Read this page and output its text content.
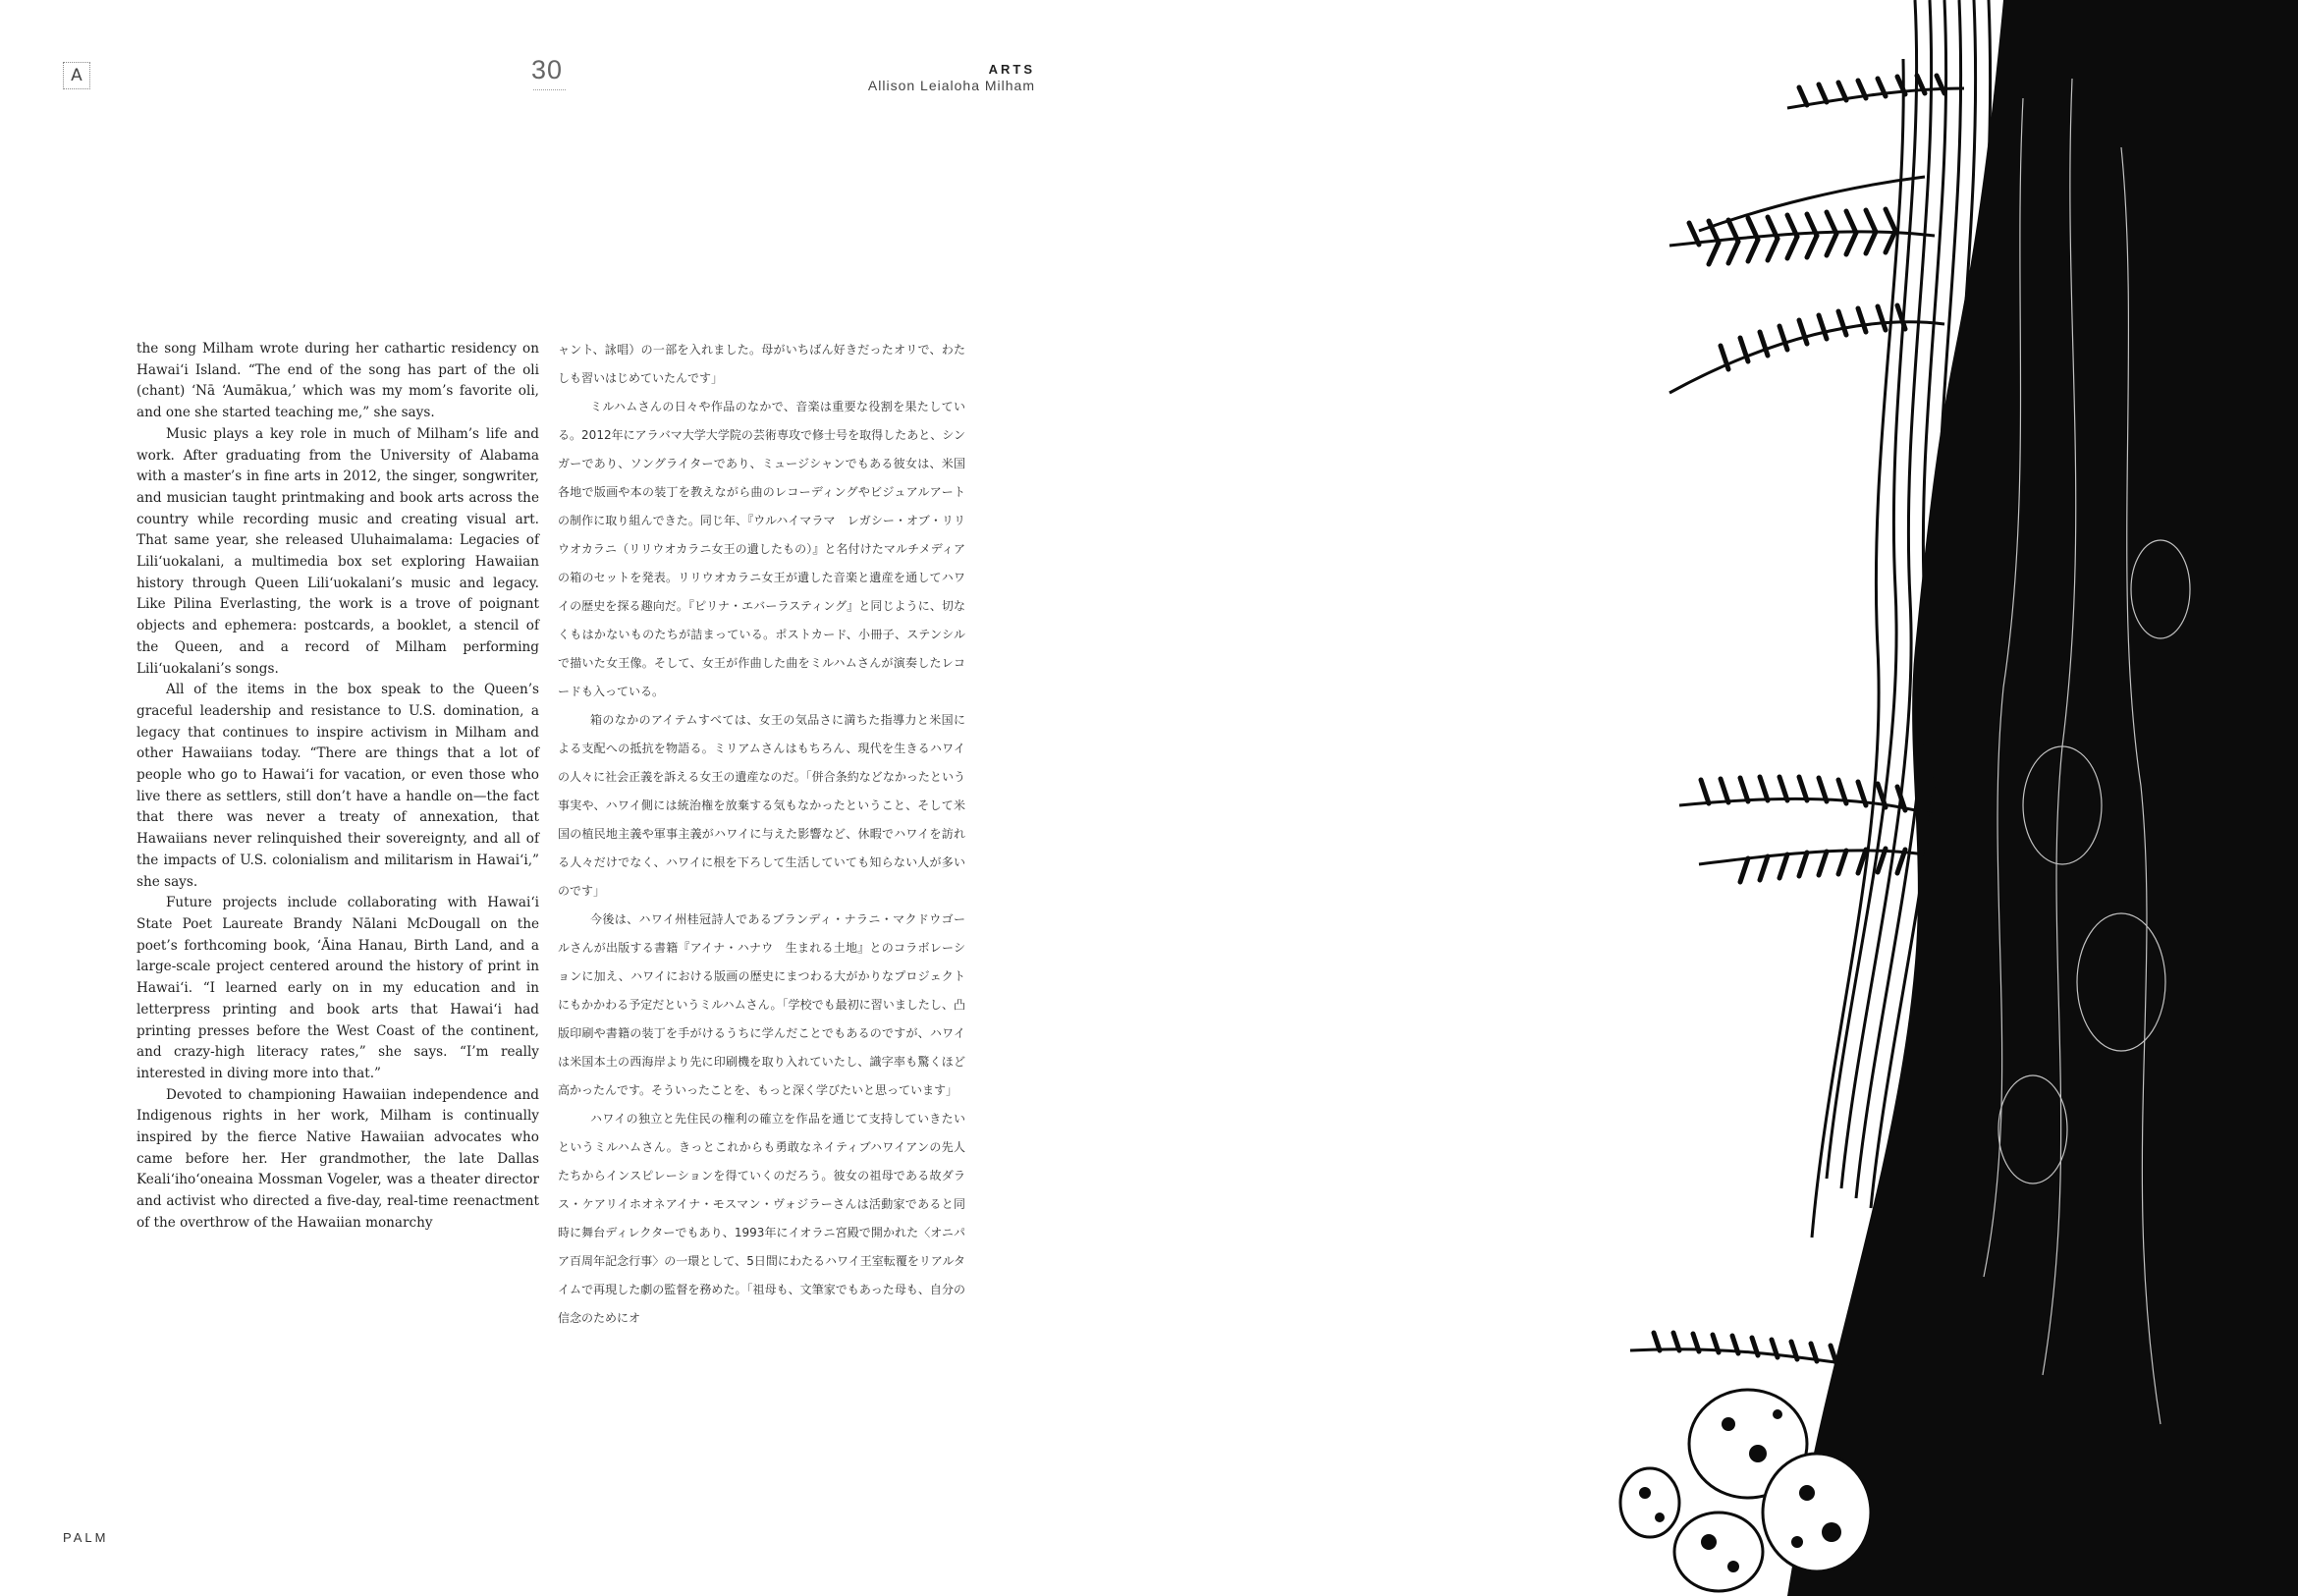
A	30	ARTS
Allison Leialoha Milham

the song Milham wrote during her cathartic residency on Hawai‘i Island. “The end of the song has part of the oli (chant) ‘Nā ‘Aumākua,’ which was my mom’s favorite oli, and one she started teaching me,” she says.

Music plays a key role in much of Milham’s life and work. After graduating from the University of Alabama with a master’s in fine arts in 2012, the singer, songwriter, and musician taught printmaking and book arts across the country while recording music and creating visual art. That same year, she released Uluhaimalama: Legacies of Lili‘uokalani, a multimedia box set exploring Hawaiian history through Queen Lili‘uokalani’s music and legacy. Like Pilina Everlasting, the work is a trove of poignant objects and ephemera: postcards, a booklet, a stencil of the Queen, and a record of Milham performing Lili‘uokalani’s songs.

All of the items in the box speak to the Queen’s graceful leadership and resistance to U.S. domination, a legacy that continues to inspire activism in Milham and other Hawaiians today. “There are things that a lot of people who go to Hawai‘i for vacation, or even those who live there as settlers, still don’t have a handle on—the fact that there was never a treaty of annexation, that Hawaiians never relinquished their sovereignty, and all of the impacts of U.S. colonialism and militarism in Hawai‘i,” she says.

Future projects include collaborating with Hawai‘i State Poet Laureate Brandy Nālani McDougall on the poet’s forthcoming book, ‘Āina Hanau, Birth Land, and a large-scale project centered around the history of print in Hawai‘i. “I learned early on in my education and in letterpress printing and book arts that Hawai‘i had printing presses before the West Coast of the continent, and crazy-high literacy rates,” she says. “I’m really interested in diving more into that.”

Devoted to championing Hawaiian independence and Indigenous rights in her work, Milham is continually inspired by the fierce Native Hawaiian advocates who came before her. Her grandmother, the late Dallas Keali‘iho‘oneaina Mossman Vogeler, was a theater director and activist who directed a five-day, real-time reenactment of the overthrow of the Hawaiian monarchy

ャント、詠唱）の一部を入れました。母がいちばん好きだったオリで、わたしも習いはじめていたんです」

ミルハムさんの日々や作品のなかで、音楽は重要な役割を果たしている。2012年にアラバマ大学大学院の芸術専攻で修士号を取得したあと、シンガーであり、ソングライターであり、ミュージシャンでもある彼女は、米国各地で版画や本の装丁を教えながら曲のレコーディングやビジュアルアートの制作に取り組んできた。同じ年、『ウルハイマラマ　レガシー・オブ・リリウオカラニ（リリウオカラニ女王の遺したもの）』と名付けたマルチメディアの箱のセットを発表。リリウオカラニ女王が遺した音楽と遺産を通してハワイの歴史を探る趣向だ。『ピリナ・エバーラスティング』と同じように、切なくもはかないものたちが詰まっている。ポストカード、小冊子、ステンシルで描いた女王像。そして、女王が作曲した曲をミルハムさんが演奏したレコードも入っている。

箱のなかのアイテムすべては、女王の気品さに満ちた指導力と米国による支配への抵抗を物語る。ミリアムさんはもちろん、現代を生きるハワイの人々に社会正義を訴える女王の遺産なのだ。「併合条約などなかったという事実や、ハワイ側には統治権を放棄する気もなかったということ、そして米国の植民地主義や軍事主義がハワイに与えた影響など、休暇でハワイを訪れる人々だけでなく、ハワイに根を下ろして生活していても知らない人が多いのです」

今後は、ハワイ州桂冠詩人であるブランディ・ナラニ・マクドウゴールさんが出版する書籍『アイナ・ハナウ　生まれる土地』とのコラボレーションに加え、ハワイにおける版画の歴史にまつわる大がかりなプロジェクトにもかかわる予定だというミルハムさん。「学校でも最初に習いましたし、凸版印刷や書籍の装丁を手がけるうちに学んだことでもあるのですが、ハワイは米国本土の西海岸より先に印刷機を取り入れていたし、識字率も驚くほど高かったんです。そういったことを、もっと深く学びたいと思っています」

ハワイの独立と先住民の権利の確立を作品を通じて支持していきたいというミルハムさん。きっとこれからも勇敢なネイティブハワイアンの先人たちからインスピレーションを得ていくのだろう。彼女の祖母である故ダラス・ケアリイホオネアイナ・モスマン・ヴォジラーさんは活動家であると同時に舞台ディレクターでもあり、1993年にイオラニ宮殿で開かれた〈オニパア百周年記念行事〉の一環として、5日間にわたるハワイ王室転覆をリアルタイムで再現した劇の監督を務めた。「祖母も、文筆家でもあった母も、自分の信念のためにオ

PALM
